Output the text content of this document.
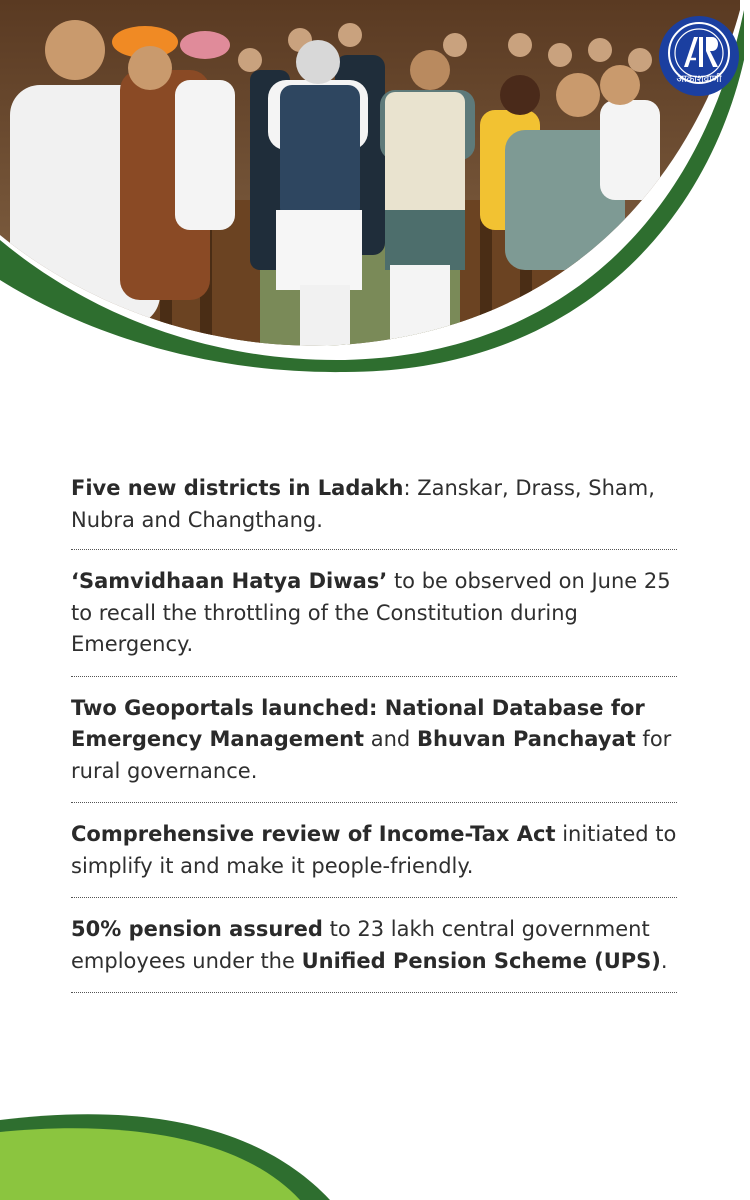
आकाशवाणी
Five new districts in Ladakh: Zanskar, Drass, Sham, Nubra and Changthang.
‘Samvidhaan Hatya Diwas’ to be observed on June 25 to recall the throttling of the Constitution during Emergency.
Two Geoportals launched: National Database for Emergency Management and Bhuvan Panchayat for rural governance.
Comprehensive review of Income-Tax Act initiated to simplify it and make it people-friendly.
50% pension assured to 23 lakh central government employees under the Unified Pension Scheme (UPS).
